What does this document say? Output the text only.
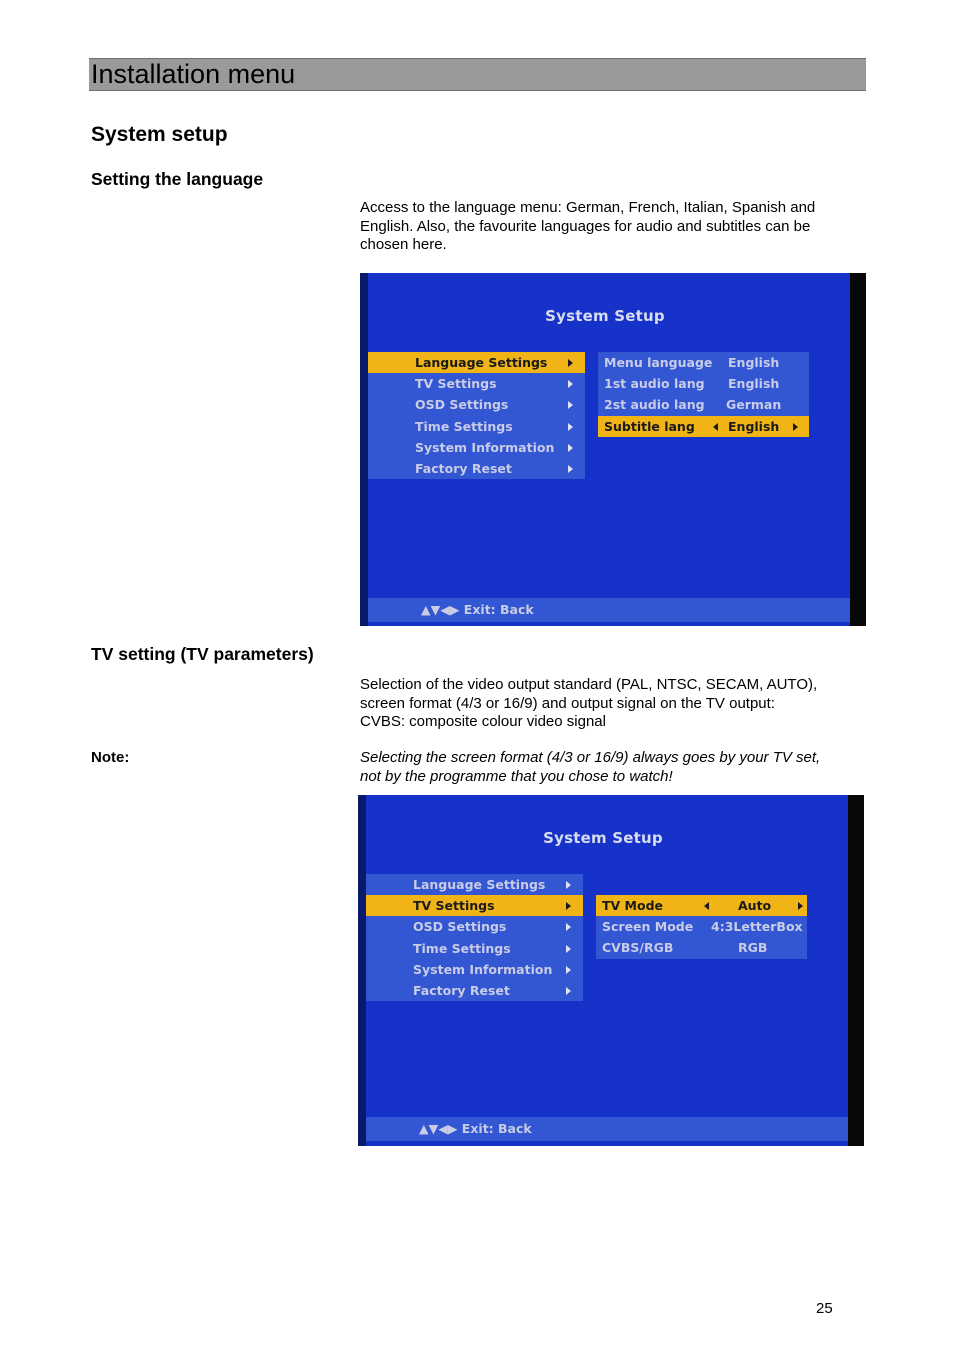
Installation menu
System setup
Setting the language
Access to the language menu: German, French, Italian, Spanish and
English. Also, the favourite languages for audio and subtitles can be
chosen here.
System Setup
Language Settings
TV Settings
OSD Settings
Time Settings
System Information
Factory Reset
Menu language English
1st audio lang English
2st audio lang German
Subtitle lang	English
▲▼◀▶ Exit: Back
TV setting (TV parameters)
Selection of the video output standard (PAL, NTSC, SECAM, AUTO),
screen format (4/3 or 16/9) and output signal on the TV output:
CVBS: composite colour video signal
Note:	Selecting the screen format (4/3 or 16/9) always goes by your TV set,
not by the programme that you chose to watch!
System Setup
Language Settings
TV Settings
OSD Settings
Time Settings
System Information
Factory Reset
TV Mode	Auto
Screen Mode 4:3LetterBox
CVBS/RGB	RGB
▲▼◀▶ Exit: Back
25
